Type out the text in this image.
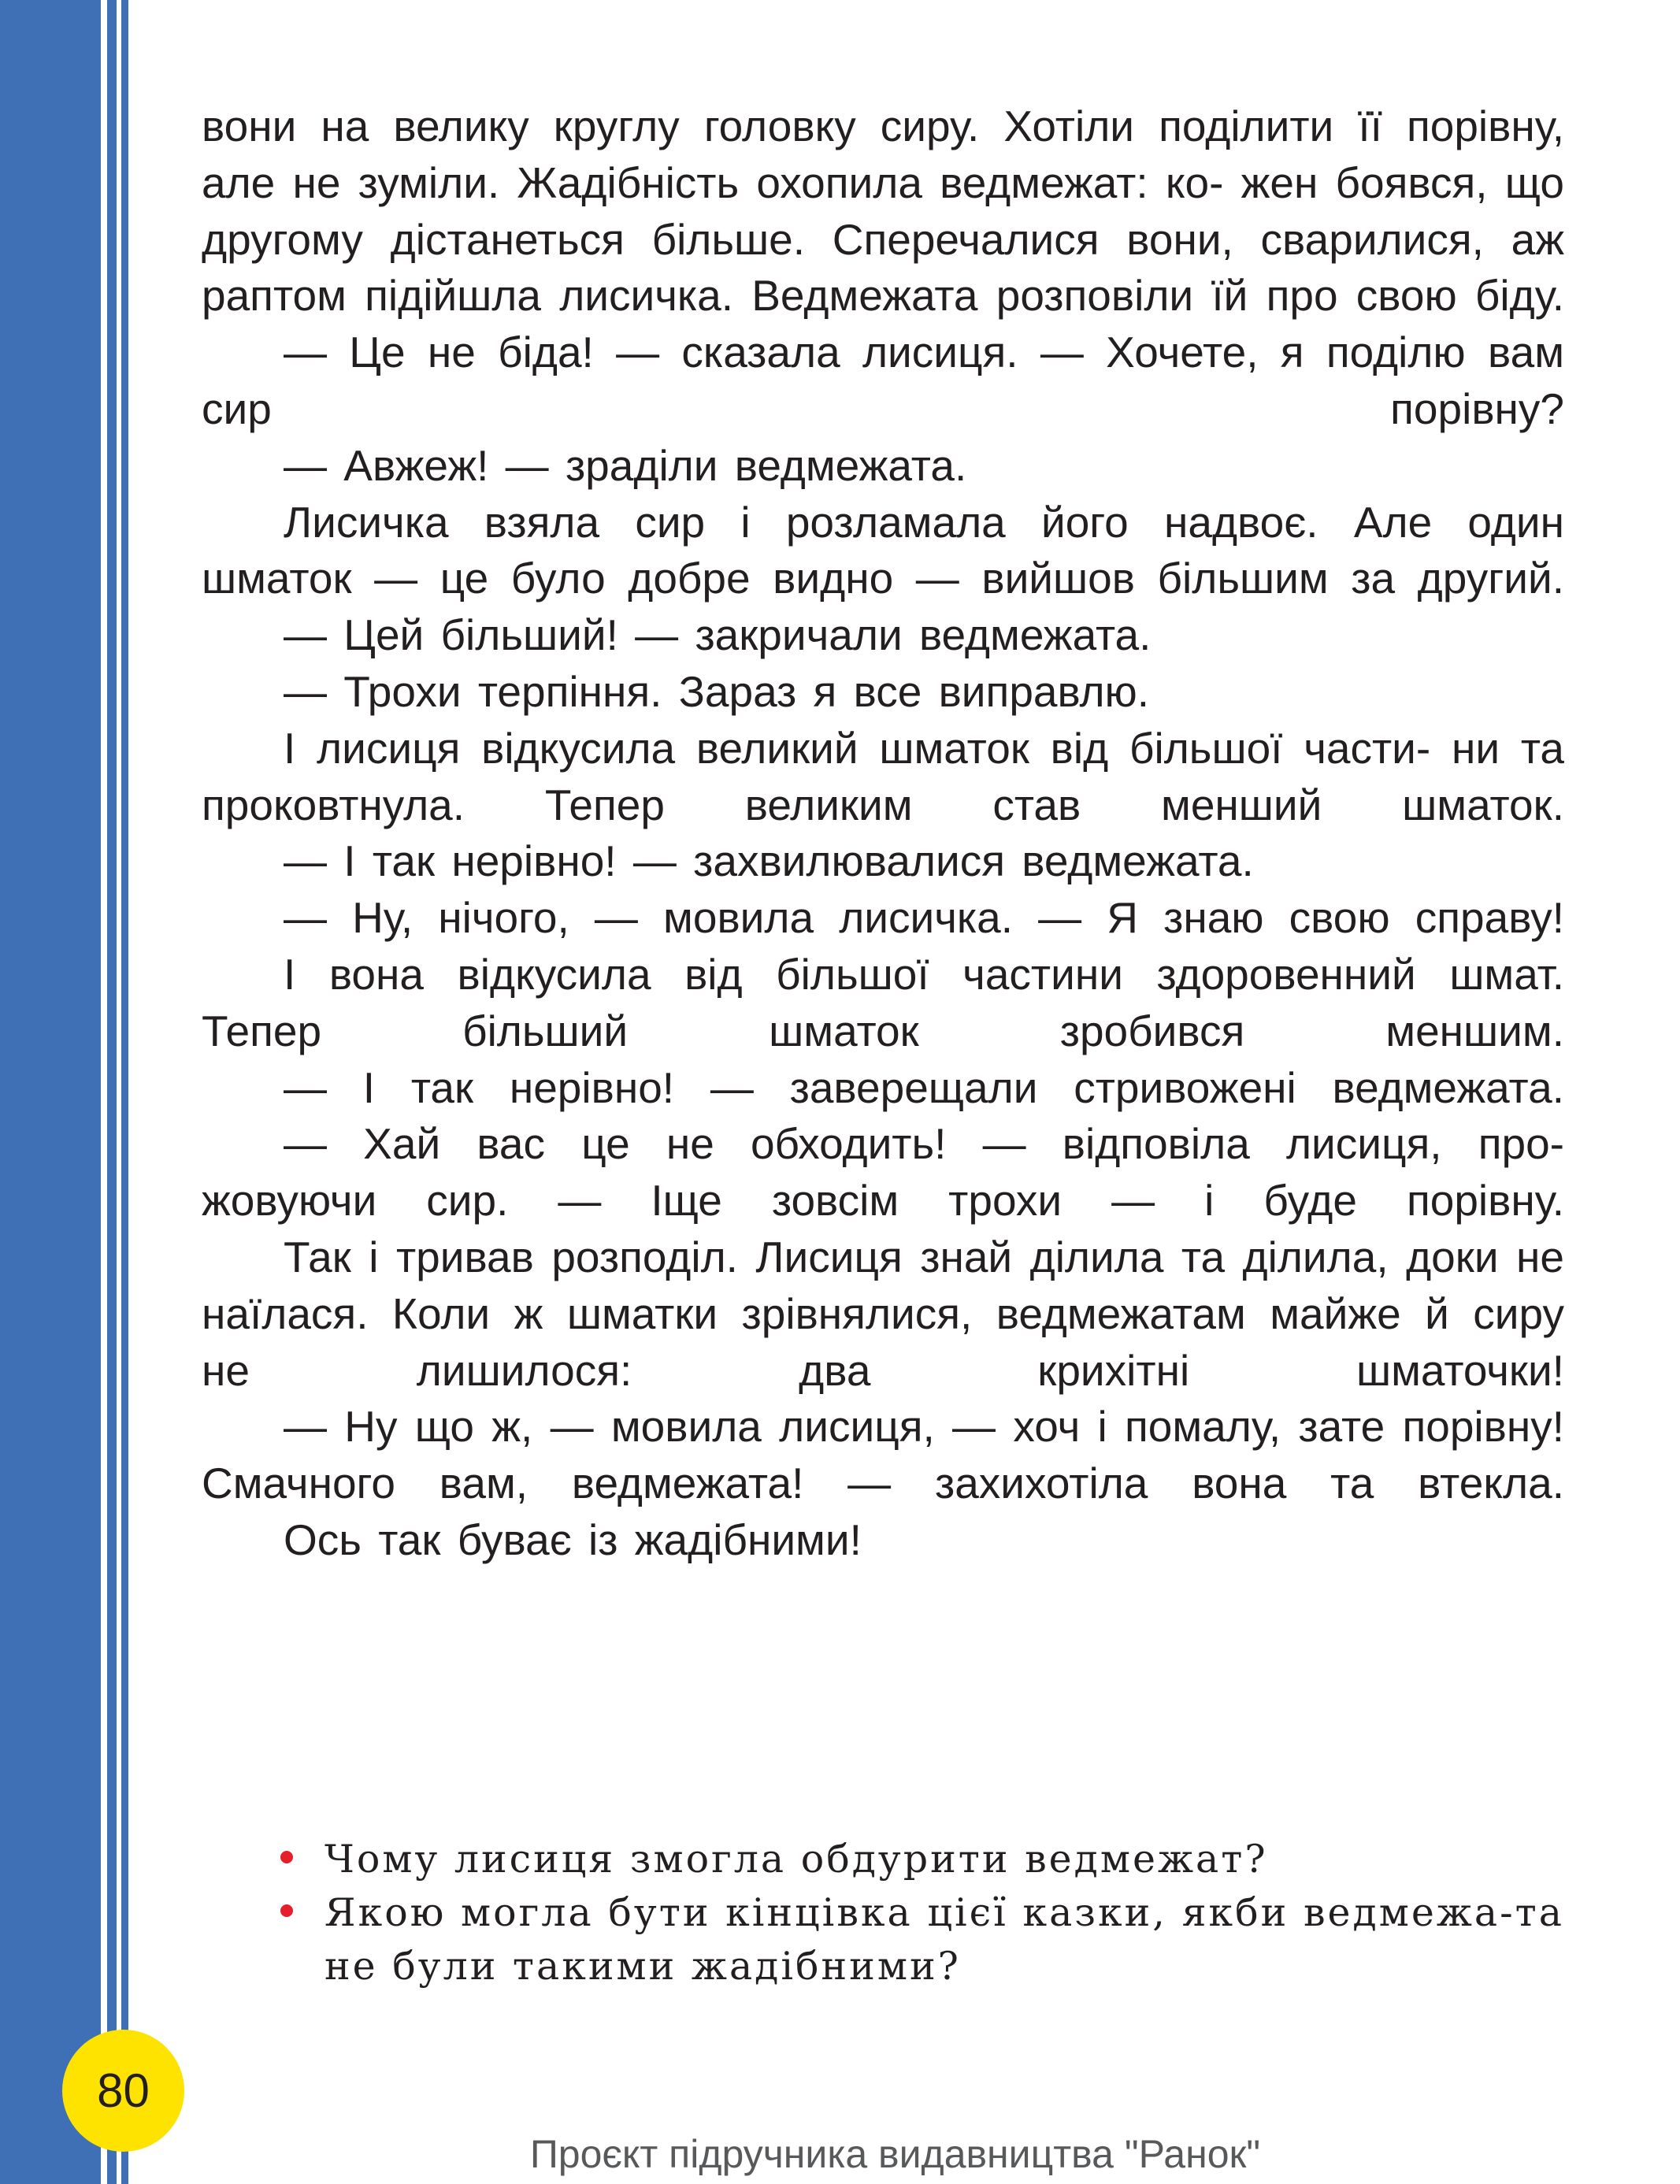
вони на велику круглу головку сиру. Хотіли поділити її порівну, але не зуміли. Жадібність охопила ведмежат: ко- жен боявся, що другому дістанеться більше. Сперечалися вони, сварилися, аж раптом підійшла лисичка. Ведмежата розповіли їй про свою біду.

— Це не біда! — сказала лисиця. — Хочете, я поділю вам сир порівну?

— Авжеж! — зраділи ведмежата.

Лисичка взяла сир і розламала його надвоє. Але один шматок — це було добре видно — вийшов більшим за другий.

— Цей більший! — закричали ведмежата.

— Трохи терпіння. Зараз я все виправлю.

І лисиця відкусила великий шматок від більшої части- ни та проковтнула. Тепер великим став менший шматок.

— І так нерівно! — захвилювалися ведмежата.

— Ну, нічого, — мовила лисичка. — Я знаю свою справу!

І вона відкусила від більшої частини здоровенний шмат. Тепер більший шматок зробився меншим.

— І так нерівно! — заверещали стривожені ведмежата.

— Хай вас це не обходить! — відповіла лисиця, про- жовуючи сир. — Іще зовсім трохи — і буде порівну.

Так і тривав розподіл. Лисиця знай ділила та ділила, доки не наїлася. Коли ж шматки зрівнялися, ведмежатам майже й сиру не лишилося: два крихітні шматочки!

— Ну що ж, — мовила лисиця, — хоч і помалу, зате порівну! Смачного вам, ведмежата! — захихотіла вона та втекла.

Ось так буває із жадібними!

Чому лисиця змогла обдурити ведмежат?

Якою могла бути кінцівка цієї казки, якби ведмежа-та не були такими жадібними?

80
Проєкт підручника видавництва "Ранок"
